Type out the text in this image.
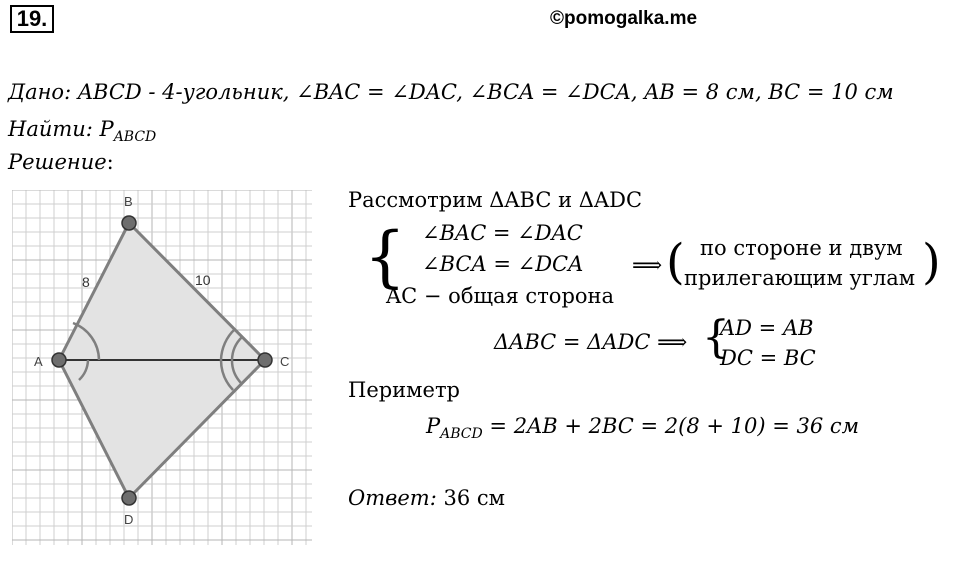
19.	©pomogalka.me
Дано: ABCD - 4-угольник, ∠BAC = ∠DAC, ∠BCA = ∠DCA, AB = 8 см, BC = 10 см
Найти: $P_{ABCD}$
Решение:
A
B
C
D
8	10
Рассмотрим ΔABC и ΔADC
{ ∠BAC = ∠DAC
∠BCA = ∠DCA
AC − общая сторона
⟹ ( по стороне и двум
прилегающим углам )
ΔABC = ΔADC ⟹ {
AD = AB
DC = BC
Периметр
$P_{ABCD} = 2AB + 2BC = 2(8 + 10) = 36$ см
Ответ: 36 см
